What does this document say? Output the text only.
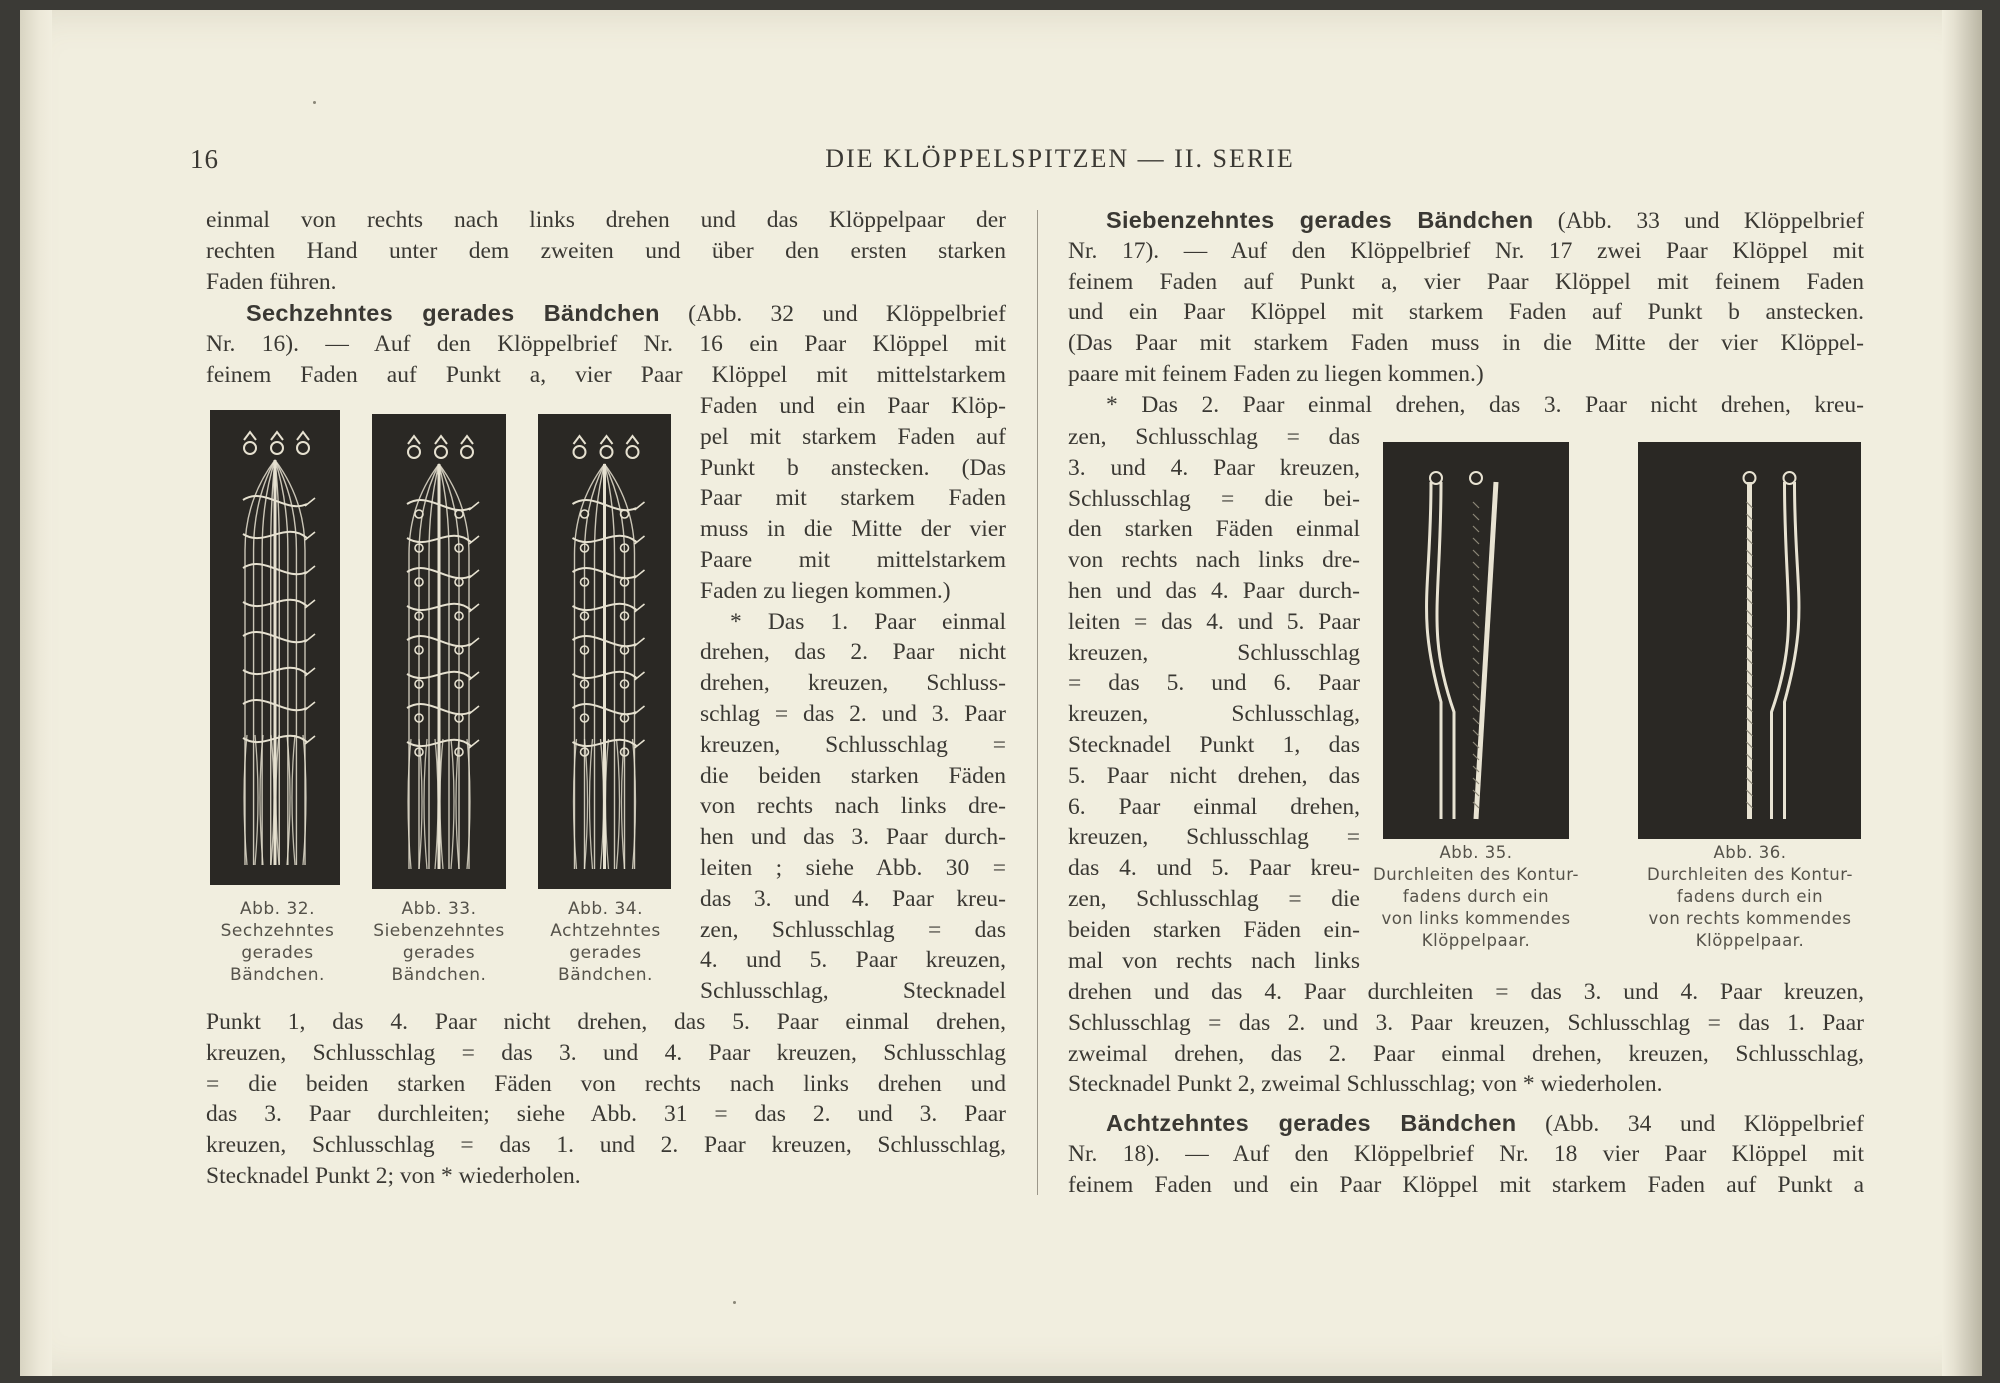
16	DIE KLÖPPELSPITZEN — II. SERIE
einmal von rechts nach links drehen und das Klöppelpaar der
rechten Hand unter dem zweiten und über den ersten starken
Faden führen.
Sechzehntes gerades Bändchen (Abb. 32 und Klöppelbrief
Nr. 16). — Auf den Klöppelbrief Nr. 16 ein Paar Klöppel mit
feinem Faden auf Punkt a, vier Paar Klöppel mit mittelstarkem
Abb. 32.
Sechzehntes
gerades
Bändchen.
Abb. 33.
Siebenzehntes
gerades
Bändchen.
Abb. 34.
Achtzehntes
gerades
Bändchen.
Faden und ein Paar Klöp-
pel mit starkem Faden auf
Punkt b anstecken. (Das
Paar mit starkem Faden
muss in die Mitte der vier
Paare mit mittelstarkem
Faden zu liegen kommen.)
* Das 1. Paar einmal
drehen, das 2. Paar nicht
drehen, kreuzen, Schluss-
schlag = das 2. und 3. Paar
kreuzen, Schlusschlag =
die beiden starken Fäden
von rechts nach links dre-
hen und das 3. Paar durch-
leiten ; siehe Abb. 30 =
das 3. und 4. Paar kreu-
zen, Schlusschlag = das
4. und 5. Paar kreuzen,
Schlusschlag, Stecknadel
Punkt 1, das 4. Paar nicht drehen, das 5. Paar einmal drehen,
kreuzen, Schlusschlag = das 3. und 4. Paar kreuzen, Schlusschlag
= die beiden starken Fäden von rechts nach links drehen und
das 3. Paar durchleiten; siehe Abb. 31 = das 2. und 3. Paar
kreuzen, Schlusschlag = das 1. und 2. Paar kreuzen, Schlusschlag,
Stecknadel Punkt 2; von * wiederholen.
Siebenzehntes gerades Bändchen (Abb. 33 und Klöppelbrief
Nr. 17). — Auf den Klöppelbrief Nr. 17 zwei Paar Klöppel mit
feinem Faden auf Punkt a, vier Paar Klöppel mit feinem Faden
und ein Paar Klöppel mit starkem Faden auf Punkt b anstecken.
(Das Paar mit starkem Faden muss in die Mitte der vier Klöppel-
paare mit feinem Faden zu liegen kommen.)
* Das 2. Paar einmal drehen, das 3. Paar nicht drehen, kreu-
Abb. 35.
Durchleiten des Kontur-
fadens durch ein
von links kommendes
Klöppelpaar.
Abb. 36.
Durchleiten des Kontur-
fadens durch ein
von rechts kommendes
Klöppelpaar.
zen, Schlusschlag = das
3. und 4. Paar kreuzen,
Schlusschlag = die bei-
den starken Fäden einmal
von rechts nach links dre-
hen und das 4. Paar durch-
leiten = das 4. und 5. Paar
kreuzen, Schlusschlag
= das 5. und 6. Paar
kreuzen, Schlusschlag,
Stecknadel Punkt 1, das
5. Paar nicht drehen, das
6. Paar einmal drehen,
kreuzen, Schlusschlag =
das 4. und 5. Paar kreu-
zen, Schlusschlag = die
beiden starken Fäden ein-
mal von rechts nach links
drehen und das 4. Paar durchleiten = das 3. und 4. Paar kreuzen,
Schlusschlag = das 2. und 3. Paar kreuzen, Schlusschlag = das 1. Paar
zweimal drehen, das 2. Paar einmal drehen, kreuzen, Schlusschlag,
Stecknadel Punkt 2, zweimal Schlusschlag; von * wiederholen.
Achtzehntes gerades Bändchen (Abb. 34 und Klöppelbrief
Nr. 18). — Auf den Klöppelbrief Nr. 18 vier Paar Klöppel mit
feinem Faden und ein Paar Klöppel mit starkem Faden auf Punkt a
